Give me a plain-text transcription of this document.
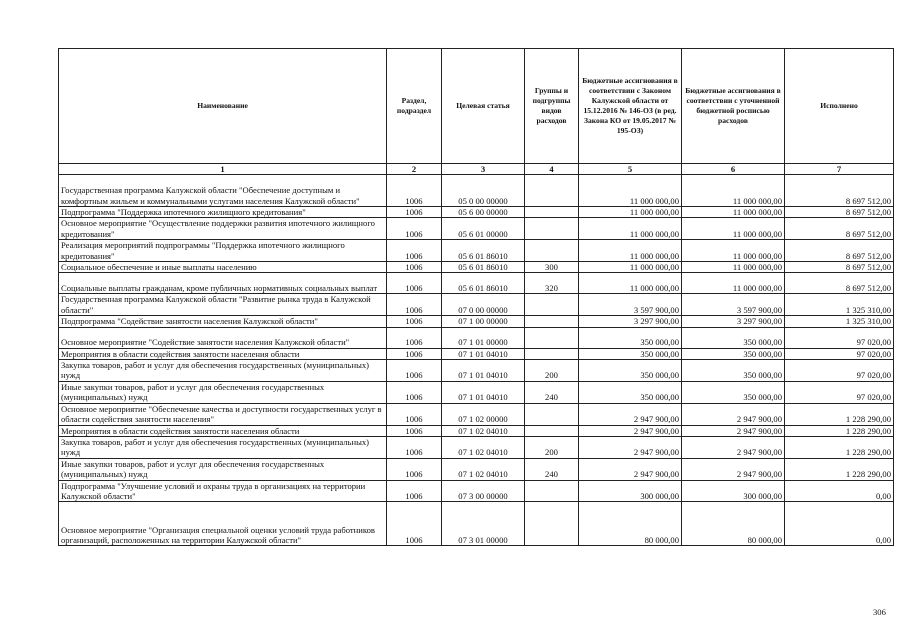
Наименование	Раздел, подраздел	Целевая статья	Группы и подгруппы видов расходов	Бюджетные ассигнования в соответствии с Законом Калужской области от 15.12.2016 № 146-ОЗ (в ред. Закона КО от 19.05.2017 № 195-ОЗ)	Бюджетные ассигнования в соответствии с уточненной бюджетной росписью расходов	Исполнено
1	2	3	4	5	6	7
Государственная программа Калужской области "Обеспечение доступным и комфортным жильем и коммунальными услугами населения Калужской области"	1006	05 0 00 00000		11 000 000,00	11 000 000,00	8 697 512,00
Подпрограмма "Поддержка ипотечного жилищного кредитования"	1006	05 6 00 00000		11 000 000,00	11 000 000,00	8 697 512,00
Основное мероприятие "Осуществление поддержки развития ипотечного жилищного кредитования"	1006	05 6 01 00000		11 000 000,00	11 000 000,00	8 697 512,00
Реализация мероприятий подпрограммы "Поддержка ипотечного жилищного кредитования"	1006	05 6 01 86010		11 000 000,00	11 000 000,00	8 697 512,00
Социальное обеспечение и иные выплаты населению	1006	05 6 01 86010	300	11 000 000,00	11 000 000,00	8 697 512,00
Социальные выплаты гражданам, кроме публичных нормативных социальных выплат	1006	05 6 01 86010	320	11 000 000,00	11 000 000,00	8 697 512,00
Государственная программа Калужской области "Развитие рынка труда в Калужской области"	1006	07 0 00 00000		3 597 900,00	3 597 900,00	1 325 310,00
Подпрограмма "Содействие занятости населения Калужской области"	1006	07 1 00 00000		3 297 900,00	3 297 900,00	1 325 310,00
Основное мероприятие "Содействие занятости населения Калужской области"	1006	07 1 01 00000		350 000,00	350 000,00	97 020,00
Мероприятия в области содействия занятости населения области	1006	07 1 01 04010		350 000,00	350 000,00	97 020,00
Закупка товаров, работ и услуг для обеспечения государственных (муниципальных) нужд	1006	07 1 01 04010	200	350 000,00	350 000,00	97 020,00
Иные закупки товаров, работ и услуг для обеспечения государственных (муниципальных) нужд	1006	07 1 01 04010	240	350 000,00	350 000,00	97 020,00
Основное мероприятие "Обеспечение качества и доступности государственных услуг в области содействия занятости населения"	1006	07 1 02 00000		2 947 900,00	2 947 900,00	1 228 290,00
Мероприятия в области содействия занятости населения области	1006	07 1 02 04010		2 947 900,00	2 947 900,00	1 228 290,00
Закупка товаров, работ и услуг для обеспечения государственных (муниципальных) нужд	1006	07 1 02 04010	200	2 947 900,00	2 947 900,00	1 228 290,00
Иные закупки товаров, работ и услуг для обеспечения государственных (муниципальных) нужд	1006	07 1 02 04010	240	2 947 900,00	2 947 900,00	1 228 290,00
Подпрограмма "Улучшение условий и охраны труда в организациях на территории Калужской области"	1006	07 3 00 00000		300 000,00	300 000,00	0,00
Основное мероприятие "Организация специальной оценки условий труда работников организаций, расположенных на территории Калужской области"	1006	07 3 01 00000		80 000,00	80 000,00	0,00
306
